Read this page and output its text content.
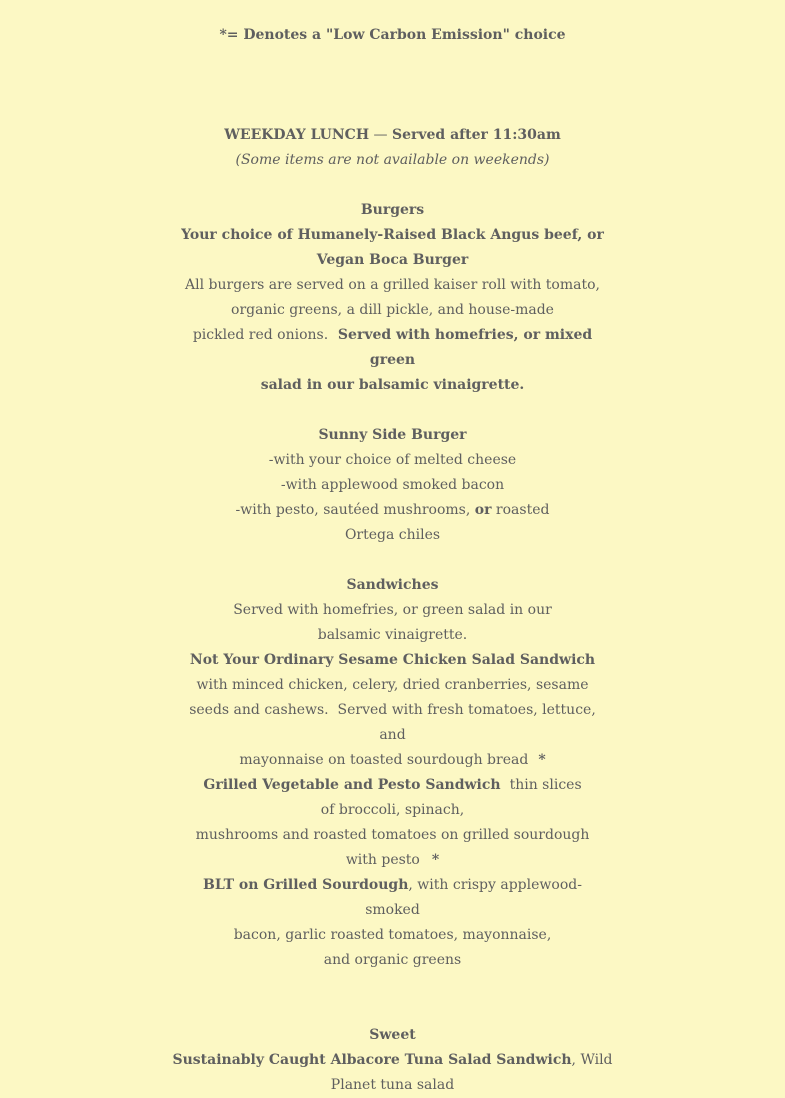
*= Denotes a "Low Carbon Emission" choice
WEEKDAY LUNCH — Served after 11:30am
(Some items are not available on weekends)
Burgers
Your choice of Humanely-Raised Black Angus beef, or
Vegan Boca Burger
All burgers are served on a grilled kaiser roll with tomato,
organic greens, a dill pickle, and house-made
pickled red onions.  Served with homefries, or mixed
green
salad in our balsamic vinaigrette.
Sunny Side Burger
-with your choice of melted cheese
-with applewood smoked bacon
-with pesto, sautéed mushrooms, or roasted
Ortega chiles
Sandwiches
Served with homefries, or green salad in our
balsamic vinaigrette.
Not Your Ordinary Sesame Chicken Salad Sandwich
with minced chicken, celery, dried cranberries, sesame
seeds and cashews.  Served with fresh tomatoes, lettuce,
and
mayonnaise on toasted sourdough bread *
Grilled Vegetable and Pesto Sandwich thin slices
of broccoli, spinach,
mushrooms and roasted tomatoes on grilled sourdough
with pesto *
BLT on Grilled Sourdough, with crispy applewood-
smoked
bacon, garlic roasted tomatoes, mayonnaise,
and organic greens
Sweet
Sustainably Caught Albacore Tuna Salad Sandwich, Wild
Planet tuna salad
